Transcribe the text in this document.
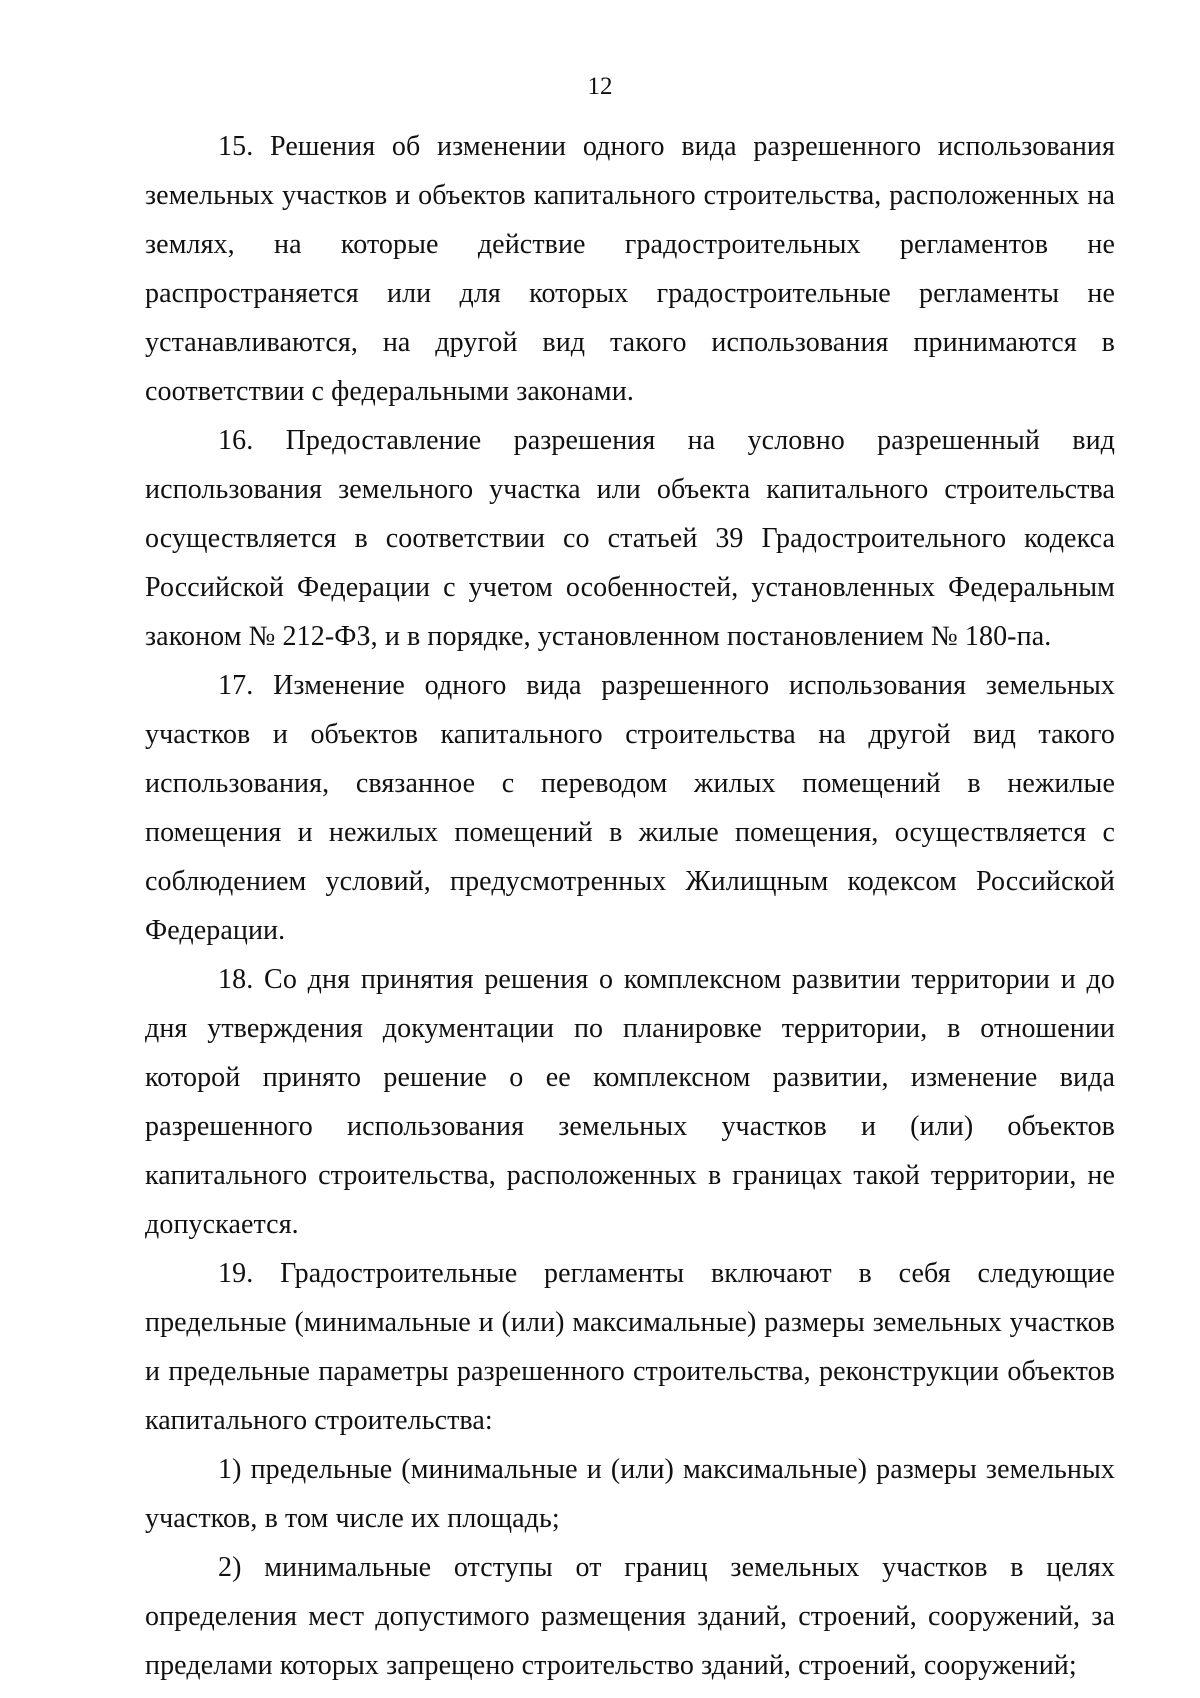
12

15. Решения об изменении одного вида разрешенного использования земельных участков и объектов капитального строительства, расположенных на землях, на которые действие градостроительных регламентов не распространяется или для которых градостроительные регламенты не устанавливаются, на другой вид такого использования принимаются в соответствии с федеральными законами.

16. Предоставление разрешения на условно разрешенный вид использования земельного участка или объекта капитального строительства осуществляется в соответствии со статьей 39 Градостроительного кодекса Российской Федерации с учетом особенностей, установленных Федеральным законом № 212-ФЗ, и в порядке, установленном постановлением № 180-па.

17. Изменение одного вида разрешенного использования земельных участков и объектов капитального строительства на другой вид такого использования, связанное с переводом жилых помещений в нежилые помещения и нежилых помещений в жилые помещения, осуществляется с соблюдением условий, предусмотренных Жилищным кодексом Российской Федерации.

18. Со дня принятия решения о комплексном развитии территории и до дня утверждения документации по планировке территории, в отношении которой принято решение о ее комплексном развитии, изменение вида разрешенного использования земельных участков и (или) объектов капитального строительства, расположенных в границах такой территории, не допускается.

19. Градостроительные регламенты включают в себя следующие предельные (минимальные и (или) максимальные) размеры земельных участков и предельные параметры разрешенного строительства, реконструкции объектов капитального строительства:

1) предельные (минимальные и (или) максимальные) размеры земельных участков, в том числе их площадь;

2) минимальные отступы от границ земельных участков в целях определения мест допустимого размещения зданий, строений, сооружений, за пределами которых запрещено строительство зданий, строений, сооружений;
